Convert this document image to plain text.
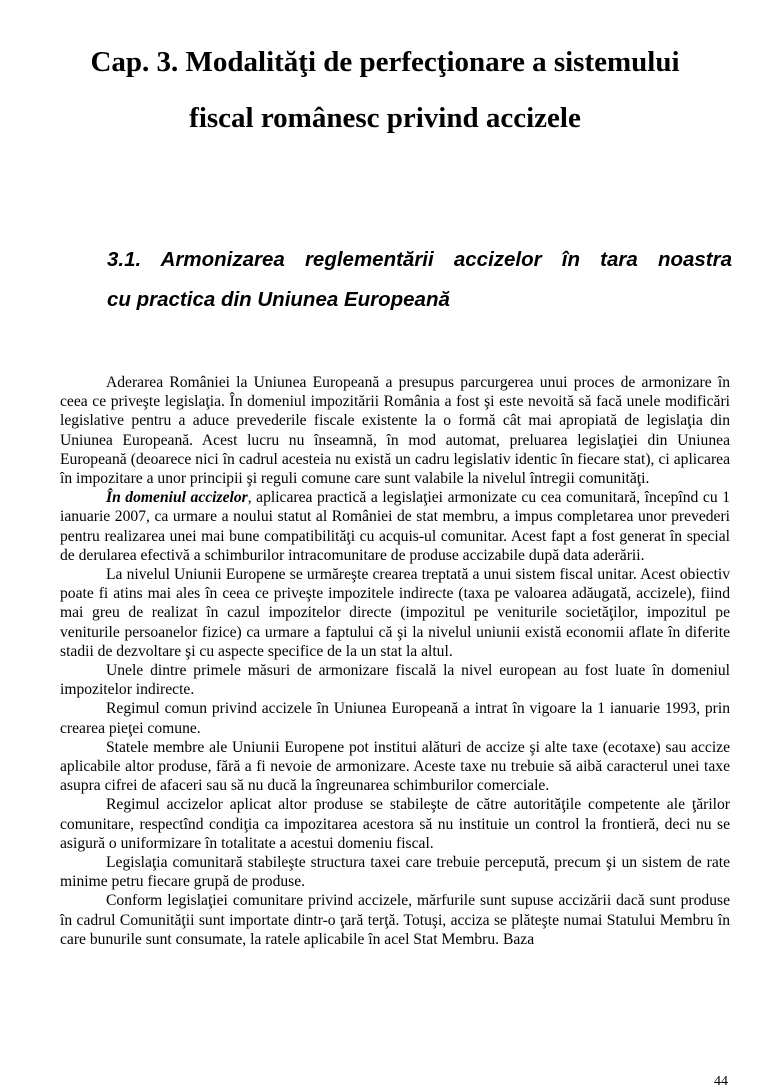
Cap. 3. Modalităţi de perfecţionare a sistemului
fiscal românesc privind accizele
3.1. Armonizarea reglementării accizelor în tara noastra
cu practica din Uniunea Europeană

Aderarea României la Uniunea Europeană a presupus parcurgerea unui proces de armonizare în ceea ce priveşte legislaţia. În domeniul impozitării România a fost şi este nevoită să facă unele modificări legislative pentru a aduce prevederile fiscale existente la o formă cât mai apropiată de legislaţia din Uniunea Europeană. Acest lucru nu înseamnă, în mod automat, preluarea legislaţiei din Uniunea Europeană (deoarece nici în cadrul acesteia nu există un cadru legislativ identic în fiecare stat), ci aplicarea în impozitare a unor principii şi reguli comune care sunt valabile la nivelul întregii comunităţi.

În domeniul accizelor, aplicarea practică a legislaţiei armonizate cu cea comunitară, începînd cu 1 ianuarie 2007, ca urmare a noului statut al României de stat membru, a impus completarea unor prevederi pentru realizarea unei mai bune compatibilităţi cu acquis-ul comunitar. Acest fapt a fost generat în special de derularea efectivă a schimburilor intracomunitare de produse accizabile după data aderării.

La nivelul Uniunii Europene se urmăreşte crearea treptată a unui sistem fiscal unitar. Acest obiectiv poate fi atins mai ales în ceea ce priveşte impozitele indirecte (taxa pe valoarea adăugată, accizele), fiind mai greu de realizat în cazul impozitelor directe (impozitul pe veniturile societăţilor, impozitul pe veniturile persoanelor fizice) ca urmare a faptului că şi la nivelul uniunii există economii aflate în diferite stadii de dezvoltare şi cu aspecte specifice de la un stat la altul.

Unele dintre primele măsuri de armonizare fiscală la nivel european au fost luate în domeniul impozitelor indirecte.

Regimul comun privind accizele în Uniunea Europeană a intrat în vigoare la 1 ianuarie 1993, prin crearea pieţei comune.

Statele membre ale Uniunii Europene pot institui alături de accize şi alte taxe (ecotaxe) sau accize aplicabile altor produse, fără a fi nevoie de armonizare. Aceste taxe nu trebuie să aibă caracterul unei taxe asupra cifrei de afaceri sau să nu ducă la îngreunarea schimburilor comerciale.

Regimul accizelor aplicat altor produse se stabileşte de către autorităţile competente ale ţărilor comunitare, respectînd condiţia ca impozitarea acestora să nu instituie un control la frontieră, deci nu se asigură o uniformizare în totalitate a acestui domeniu fiscal.

Legislaţia comunitară stabileşte structura taxei care trebuie percepută, precum şi un sistem de rate minime petru fiecare grupă de produse.

Conform legislaţiei comunitare privind accizele, mărfurile sunt supuse accizării dacă sunt produse în cadrul Comunităţii sunt importate dintr-o ţară terţă. Totuşi, acciza se plăteşte numai Statului Membru în care bunurile sunt consumate, la ratele aplicabile în acel Stat Membru. Baza

44
